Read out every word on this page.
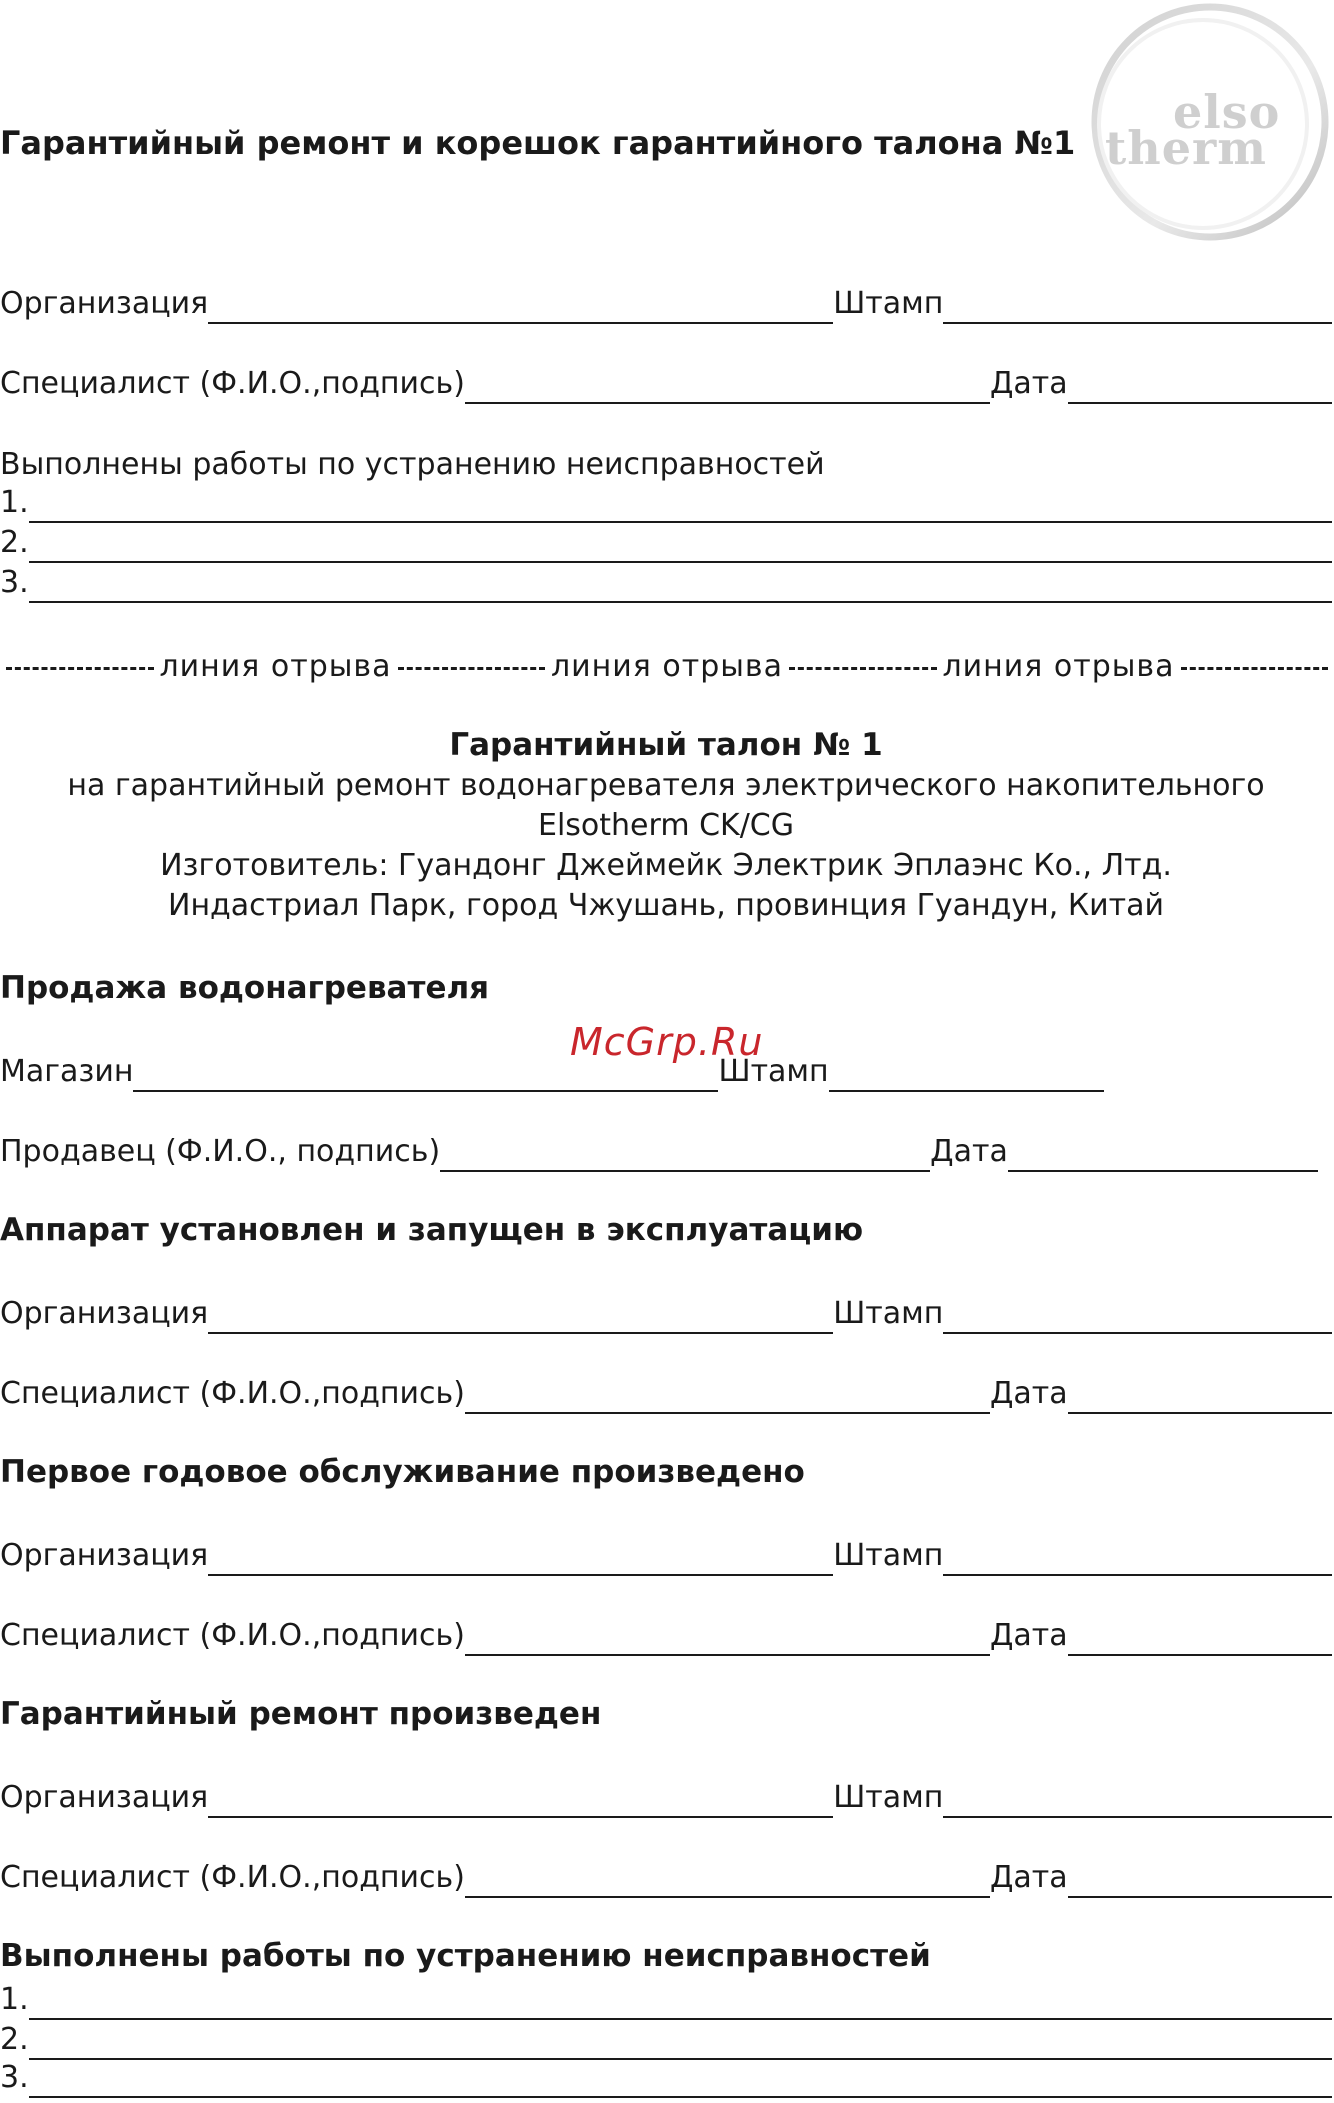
elso
therm
Гарантийный ремонт и корешок гарантийного талона №1
Организация	Штамп
Специалист (Ф.И.О.,подпись)	Дата
Выполнены работы по устранению неисправностей
1.
2.
3.
линия отрыва	линия отрыва	линия отрыва
Гарантийный талон № 1
на гарантийный ремонт водонагревателя электрического накопительного
Elsotherm CK/CG
Изготовитель: Гуандонг Джеймейк Электрик Эплаэнс Ко., Лтд.
Индастриал Парк, город Чжушань, провинция Гуандун, Китай
Продажа водонагревателя
Магазин	Штамп
Продавец (Ф.И.О., подпись)	Дата
Аппарат установлен и запущен в эксплуатацию
Организация	Штамп
Специалист (Ф.И.О.,подпись)	Дата
Первое годовое обслуживание произведено
Организация	Штамп
Специалист (Ф.И.О.,подпись)	Дата
Гарантийный ремонт произведен
Организация	Штамп
Специалист (Ф.И.О.,подпись)	Дата
Выполнены работы по устранению неисправностей
1.
2.
3.
McGrp.Ru
